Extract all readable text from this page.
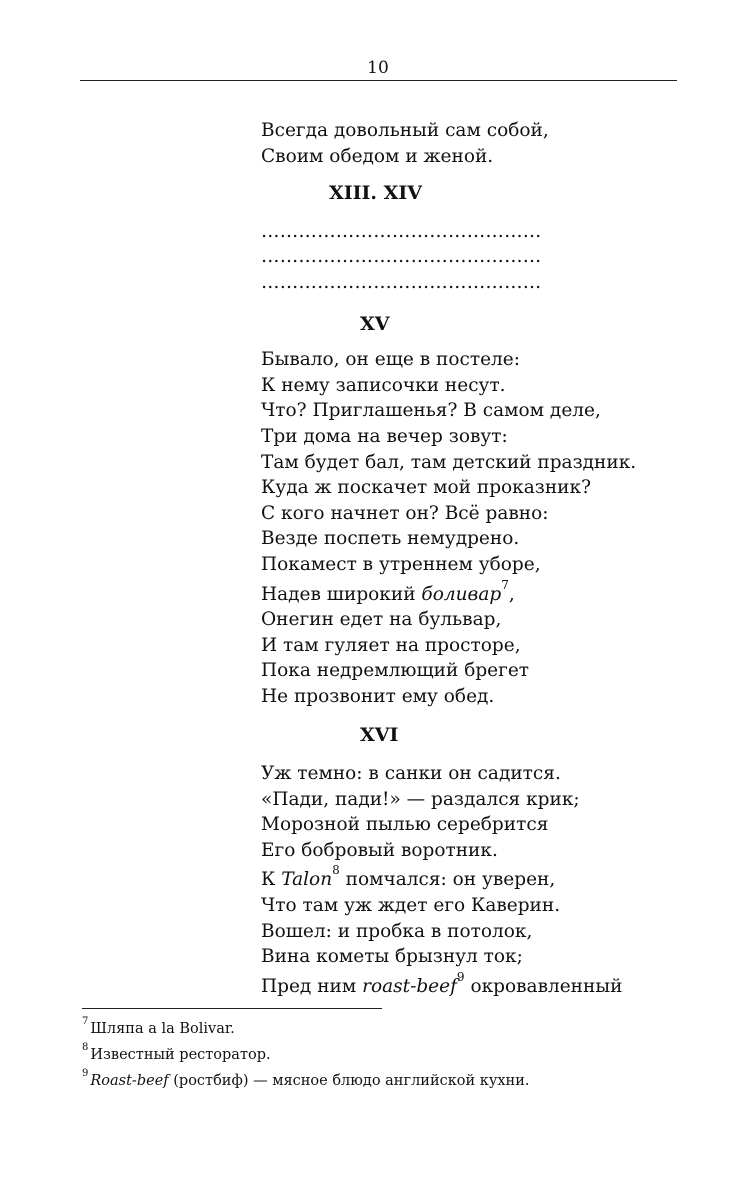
10
Всегда довольный сам собой,
Своим обедом и женой.
XIII. XIV
………………………………………
………………………………………
………………………………………
XV
Бывало, он еще в постеле:
К нему записочки несут.
Что? Приглашенья? В самом деле,
Три дома на вечер зовут:
Там будет бал, там детский праздник.
Куда ж поскачет мой проказник?
С кого начнет он? Всё равно:
Везде поспеть немудрено.
Покамест в утреннем уборе,
Надев широкий боливар$^7$,
Онегин едет на бульвар,
И там гуляет на просторе,
Пока недремлющий брегет
Не прозвонит ему обед.
XVI
Уж темно: в санки он садится.
«Пади, пади!» — раздался крик;
Морозной пылью серебрится
Его бобровый воротник.
К Talon$^8$ помчался: он уверен,
Что там уж ждет его Каверин.
Вошел: и пробка в потолок,
Вина кометы брызнул ток;
Пред ним roast-beef$^9$ окровавленный
$^7$ Шляпа a la Bolivar.
$^8$ Известный ресторатор.
$^9$ Roast-beef (ростбиф) — мясное блюдо английской кухни.
